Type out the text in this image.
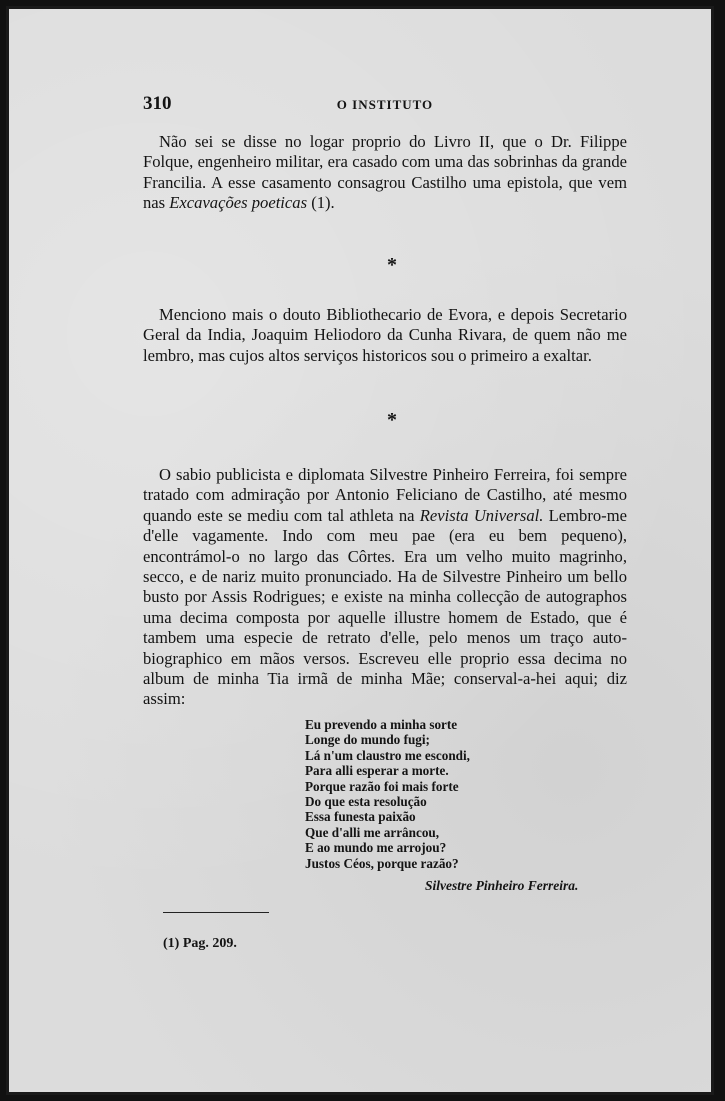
310	O INSTITUTO

Não sei se disse no logar proprio do Livro II, que o Dr. Filippe Folque, engenheiro militar, era casado com uma das sobrinhas da grande Francilia. A esse casamento consagrou Castilho uma epistola, que vem nas Excavações poeticas (1).

*

Menciono mais o douto Bibliothecario de Evora, e depois Secretario Geral da India, Joaquim Heliodoro da Cunha Rivara, de quem não me lembro, mas cujos altos serviços historicos sou o primeiro a exaltar.

*

O sabio publicista e diplomata Silvestre Pinheiro Ferreira, foi sempre tratado com admiração por Antonio Feliciano de Castilho, até mesmo quando este se mediu com tal athleta na Revista Universal. Lembro-me d'elle vagamente. Indo com meu pae (era eu bem pequeno), encontrámol-o no largo das Côrtes. Era um velho muito magrinho, secco, e de nariz muito pronunciado. Ha de Silvestre Pinheiro um bello busto por Assis Rodrigues; e existe na minha collecção de autographos uma decima composta por aquelle illustre homem de Estado, que é tambem uma especie de retrato d'elle, pelo menos um traço auto-biographico em mãos versos. Escreveu elle proprio essa decima no album de minha Tia irmã de minha Mãe; conserval-a-hei aqui; diz assim:

Eu prevendo a minha sorte
Longe do mundo fugi;
Lá n'um claustro me escondi,
Para alli esperar a morte.
Porque razão foi mais forte
Do que esta resolução
Essa funesta paixão
Que d'alli me arrâncou,
E ao mundo me arrojou?
Justos Céos, porque razão?
Silvestre Pinheiro Ferreira.
(1) Pag. 209.
